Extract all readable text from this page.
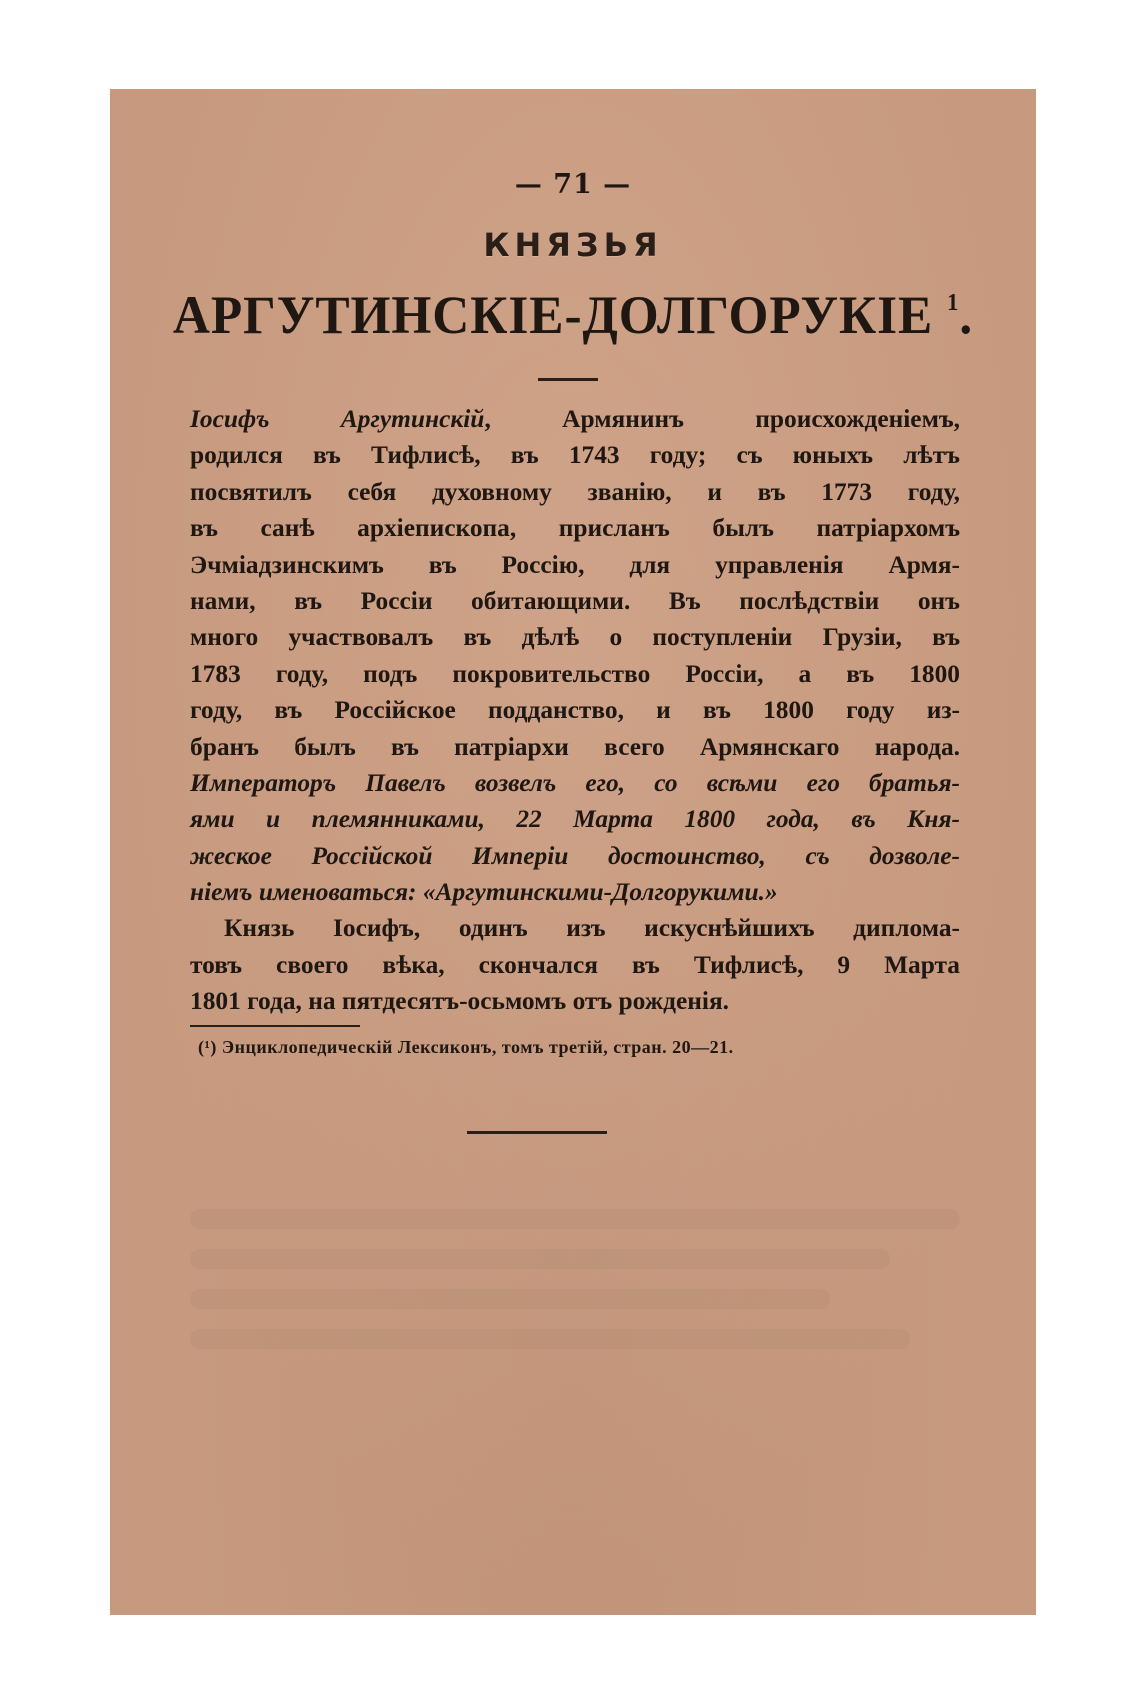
— 71 —
КНЯЗЬЯ
АРГУТИНСКІЕ-ДОЛГОРУКІЕ $^1$.
Іосифъ Аргутинскій, Армянинъ происхожденіемъ,
родился въ Тифлисѣ, въ 1743 году; съ юныхъ лѣтъ
посвятилъ себя духовному званію, и въ 1773 году,
въ санѣ архіепископа, присланъ былъ патріархомъ
Эчміадзинскимъ въ Россію, для управленія Армя-
нами, въ Россіи обитающими. Въ послѣдствіи онъ
много участвовалъ въ дѣлѣ о поступленіи Грузіи, въ
1783 году, подъ покровительство Россіи, а въ 1800
году, въ Россійское подданство, и въ 1800 году из-
бранъ былъ въ патріархи всего Армянскаго народа.
Императоръ Павелъ возвелъ его, со всѣми его братья-
ями и племянниками, 22 Марта 1800 года, въ Кня-
жеское Россійской Имперіи достоинство, съ дозволе-
ніемъ именоваться: «Аргутинскими-Долгорукими.»
Князь Іосифъ, одинъ изъ искуснѣйшихъ диплома-
товъ своего вѣка, скончался въ Тифлисѣ, 9 Марта
1801 года, на пятдесятъ-осьмомъ отъ рожденія.
(¹) Энциклопедическій Лексиконъ, томъ третій, стран. 20—21.
